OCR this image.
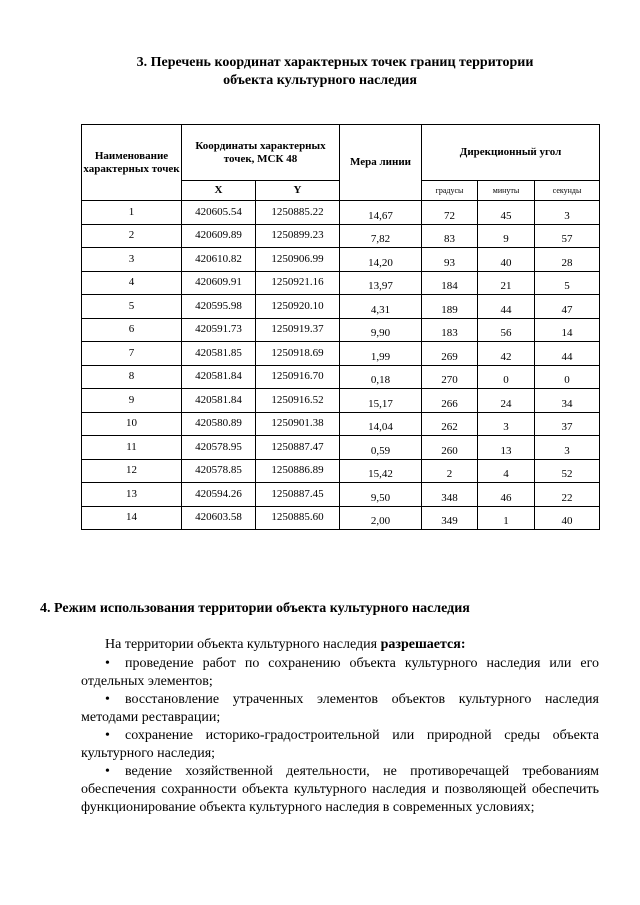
3. Перечень координат характерных точек границ территории
объекта культурного наследия
Наименование характерных точек	Координаты характерных точек, МСК 48		Мера линии	Дирекционный угол		
	X	Y		градусы	минуты	секунды
1	420605.54	1250885.22	14,67	72	45	3
2	420609.89	1250899.23	7,82	83	9	57
3	420610.82	1250906.99	14,20	93	40	28
4	420609.91	1250921.16	13,97	184	21	5
5	420595.98	1250920.10	4,31	189	44	47
6	420591.73	1250919.37	9,90	183	56	14
7	420581.85	1250918.69	1,99	269	42	44
8	420581.84	1250916.70	0,18	270	0	0
9	420581.84	1250916.52	15,17	266	24	34
10	420580.89	1250901.38	14,04	262	3	37
11	420578.95	1250887.47	0,59	260	13	3
12	420578.85	1250886.89	15,42	2	4	52
13	420594.26	1250887.45	9,50	348	46	22
14	420603.58	1250885.60	2,00	349	1	40
4. Режим использования территории объекта культурного наследия

На территории объекта культурного наследия разрешается:

• проведение работ по сохранению объекта культурного наследия или его отдельных элементов;

• восстановление утраченных элементов объектов культурного наследия методами реставрации;

• сохранение историко-градостроительной или природной среды объекта культурного наследия;

• ведение хозяйственной деятельности, не противоречащей требованиям обеспечения сохранности объекта культурного наследия и позволяющей обеспечить функционирование объекта культурного наследия в современных условиях;
